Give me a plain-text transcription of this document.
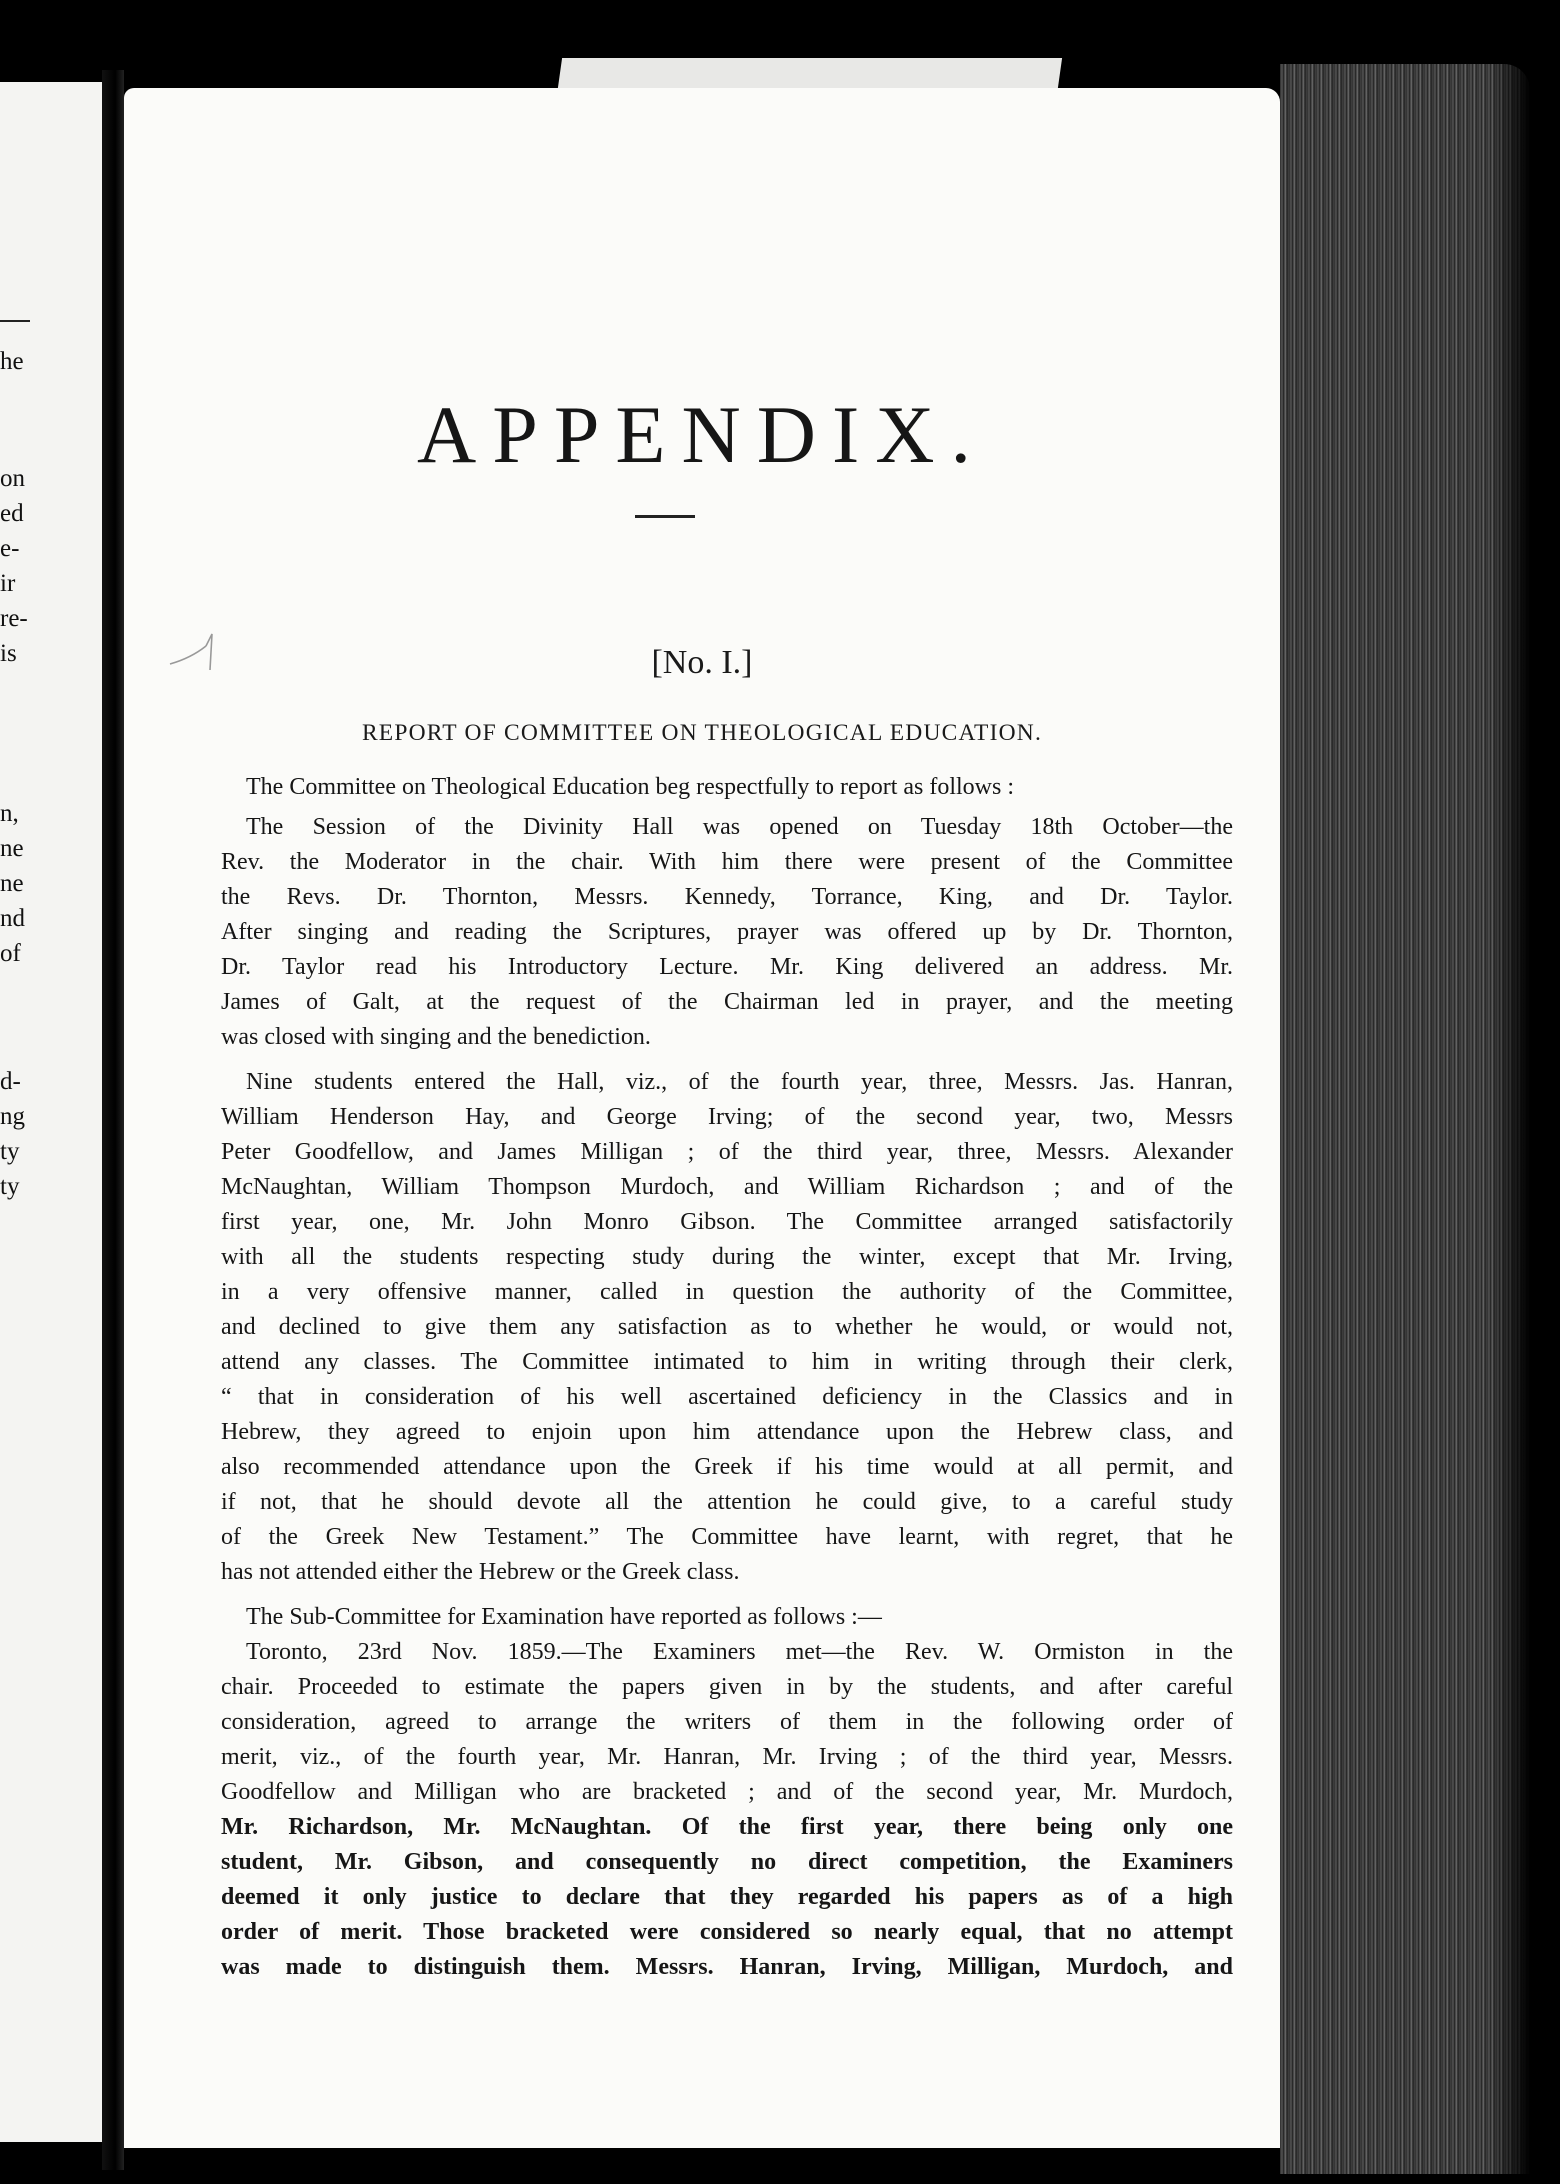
he
on
ed
e-
ir
re-
is
n,
ne
ne
nd
of
d-
ng
ty
ty
APPENDIX.

[No. I.]

REPORT OF COMMITTEE ON THEOLOGICAL EDUCATION.

The Committee on Theological Education beg respectfully to report as follows :
The Session of the Divinity Hall was opened on Tuesday 18th October—the
Rev. the Moderator in the chair. With him there were present of the Committee
the Revs. Dr. Thornton, Messrs. Kennedy, Torrance, King, and Dr. Taylor.
After singing and reading the Scriptures, prayer was offered up by Dr. Thornton,
Dr. Taylor read his Introductory Lecture. Mr. King delivered an address. Mr.
James of Galt, at the request of the Chairman led in prayer, and the meeting
was closed with singing and the benediction.
Nine students entered the Hall, viz., of the fourth year, three, Messrs. Jas. Hanran,
William Henderson Hay, and George Irving; of the second year, two, Messrs
Peter Goodfellow, and James Milligan ; of the third year, three, Messrs. Alexander
McNaughtan, William Thompson Murdoch, and William Richardson ; and of the
first year, one, Mr. John Monro Gibson. The Committee arranged satisfactorily
with all the students respecting study during the winter, except that Mr. Irving,
in a very offensive manner, called in question the authority of the Committee,
and declined to give them any satisfaction as to whether he would, or would not,
attend any classes. The Committee intimated to him in writing through their clerk,
“ that in consideration of his well ascertained deficiency in the Classics and in
Hebrew, they agreed to enjoin upon him attendance upon the Hebrew class, and
also recommended attendance upon the Greek if his time would at all permit, and
if not, that he should devote all the attention he could give, to a careful study
of the Greek New Testament.” The Committee have learnt, with regret, that he
has not attended either the Hebrew or the Greek class.
The Sub-Committee for Examination have reported as follows :—
Toronto, 23rd Nov. 1859.—The Examiners met—the Rev. W. Ormiston in the
chair. Proceeded to estimate the papers given in by the students, and after careful
consideration, agreed to arrange the writers of them in the following order of
merit, viz., of the fourth year, Mr. Hanran, Mr. Irving ; of the third year, Messrs.
Goodfellow and Milligan who are bracketed ; and of the second year, Mr. Murdoch,
Mr. Richardson, Mr. McNaughtan. Of the first year, there being only one
student, Mr. Gibson, and consequently no direct competition, the Examiners
deemed it only justice to declare that they regarded his papers as of a high
order of merit. Those bracketed were considered so nearly equal, that no attempt
was made to distinguish them. Messrs. Hanran, Irving, Milligan, Murdoch, and
